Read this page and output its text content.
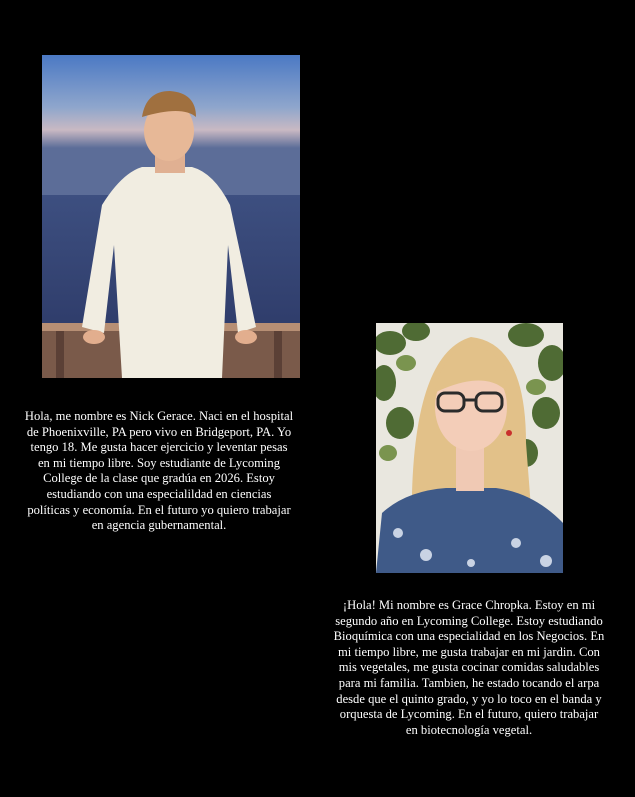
Hola, me nombre es Nick Gerace. Naci en el hospital de Phoenixville, PA pero vivo en Bridgeport, PA. Yo tengo 18. Me gusta hacer ejercicio y leventar pesas en mi tiempo libre. Soy estudiante de Lycoming College de la clase que gradúa en 2026. Estoy estudiando con una especialildad en ciencias políticas y economía. En el futuro yo quiero trabajar en agencia gubernamental.

¡Hola! Mi nombre es Grace Chropka. Estoy en mi segundo año en Lycoming College. Estoy estudiando Bioquímica con una especialidad en los Negocios. En mi tiempo libre, me gusta trabajar en mi jardin. Con mis vegetales, me gusta cocinar comidas saludables para mi familia. Tambien, he estado tocando el arpa desde que el quinto grado, y yo lo toco en el banda y orquesta de Lycoming. En el futuro, quiero trabajar en biotecnología vegetal.
